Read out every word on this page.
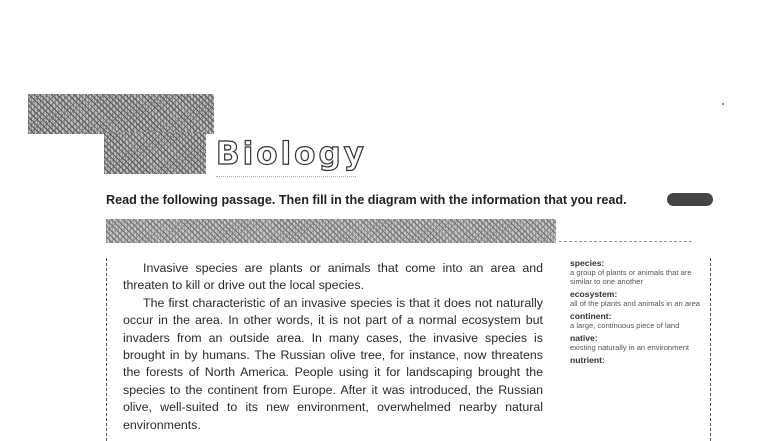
Biology
Read the following passage. Then fill in the diagram with the information that you read.

Invasive species are plants or animals that come into an area and threaten to kill or drive out the local species.

The first characteristic of an invasive species is that it does not naturally occur in the area. In other words, it is not part of a normal ecosystem but invaders from an outside area. In many cases, the invasive species is brought in by humans. The Russian olive tree, for instance, now threatens the forests of North America. People using it for landscaping brought the species to the continent from Europe. After it was introduced, the Russian olive, well-suited to its new environment, overwhelmed nearby natural environments.

species:
a group of plants or animals that are similar to one another
ecosystem:
all of the plants and animals in an area
continent:
a large, continuous piece of land
native:
existing naturally in an environment
nutrient:
